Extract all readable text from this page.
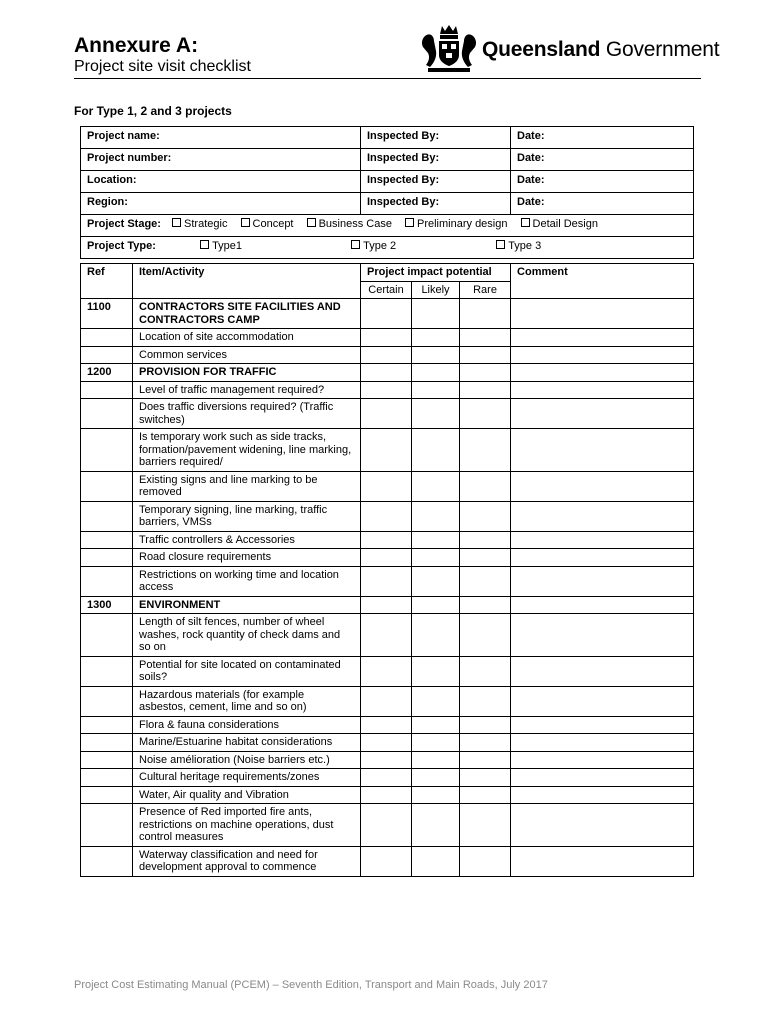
Annexure A:
Project site visit checklist
Queensland Government
For Type 1, 2 and 3 projects
Project name:	Inspected By:	Date:
Project number:	Inspected By:	Date:
Location:	Inspected By:	Date:
Region:	Inspected By:	Date:
Project Stage: Strategic Concept Business Case Preliminary design Detail Design		
Project Type: Type1 Type 2 Type 3		
Ref	Item/Activity	Project impact potential			Comment
		Certain	Likely	Rare	
1100	CONTRACTORS SITE FACILITIES AND CONTRACTORS CAMP				
	Location of site accommodation				
	Common services				
1200	PROVISION FOR TRAFFIC				
	Level of traffic management required?				
	Does traffic diversions required? (Traffic switches)				
	Is temporary work such as side tracks, formation/pavement widening, line marking, barriers required/				
	Existing signs and line marking to be removed				
	Temporary signing, line marking, traffic barriers, VMSs				
	Traffic controllers & Accessories				
	Road closure requirements				
	Restrictions on working time and location access				
1300	ENVIRONMENT				
	Length of silt fences, number of wheel washes, rock quantity of check dams and so on				
	Potential for site located on contaminated soils?				
	Hazardous materials (for example asbestos, cement, lime and so on)				
	Flora & fauna considerations				
	Marine/Estuarine habitat considerations				
	Noise amélioration (Noise barriers etc.)				
	Cultural heritage requirements/zones				
	Water, Air quality and Vibration				
	Presence of Red imported fire ants, restrictions on machine operations, dust control measures				
	Waterway classification and need for development approval to commence				
Project Cost Estimating Manual (PCEM) – Seventh Edition, Transport and Main Roads, July 2017
